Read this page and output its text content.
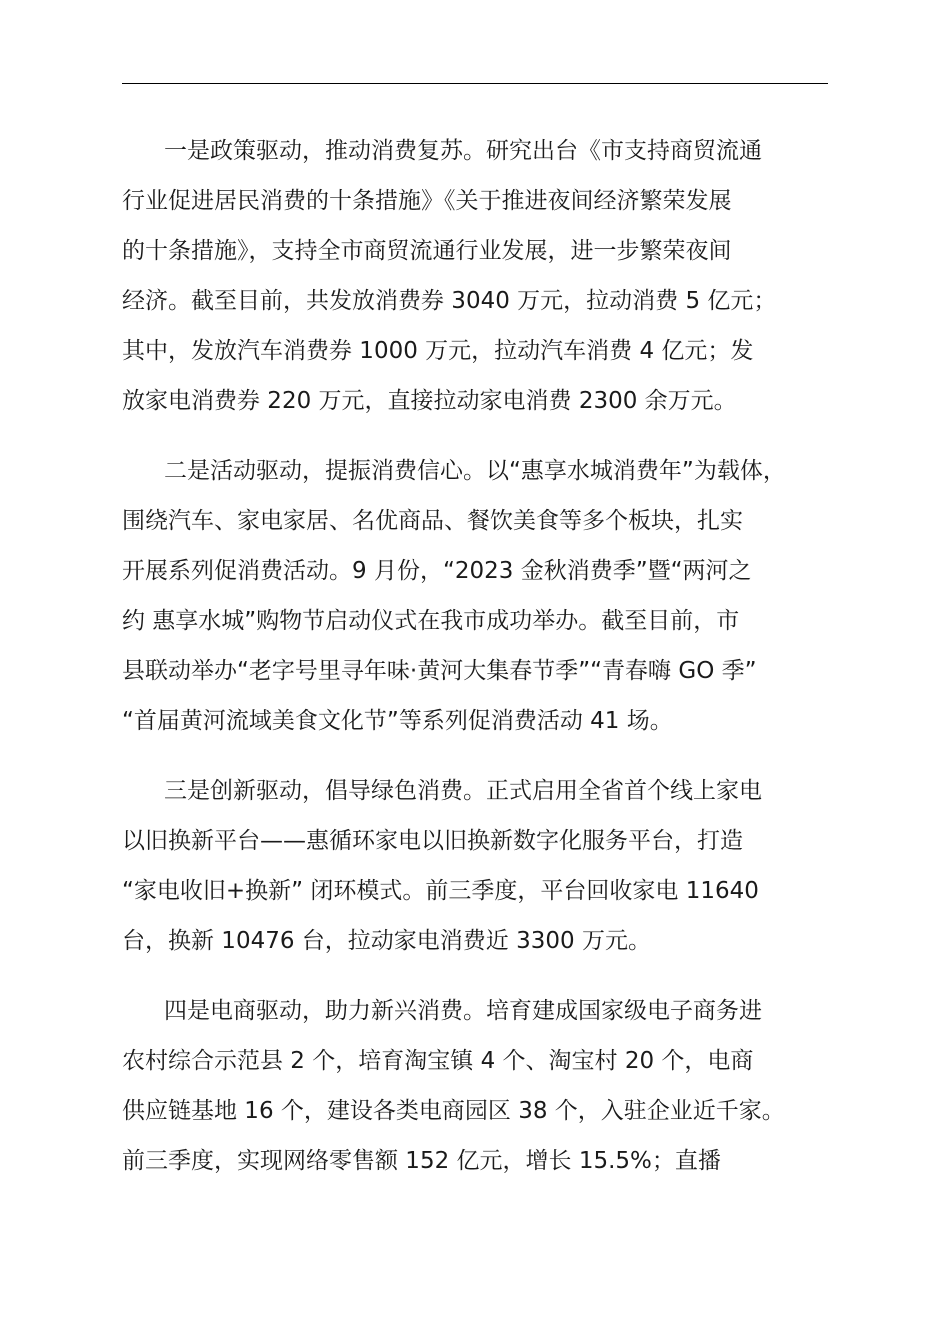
一是政策驱动，推动消费复苏。研究出台《市支持商贸流通
行业促进居民消费的十条措施》《关于推进夜间经济繁荣发展
的十条措施》，支持全市商贸流通行业发展，进一步繁荣夜间
经济。截至目前，共发放消费券 3040 万元，拉动消费 5 亿元；
其中，发放汽车消费券 1000 万元，拉动汽车消费 4 亿元；发
放家电消费券 220 万元，直接拉动家电消费 2300 余万元。

二是活动驱动，提振消费信心。以“惠享水城消费年”为载体，
围绕汽车、家电家居、名优商品、餐饮美食等多个板块，扎实
开展系列促消费活动。9 月份，“2023 金秋消费季”暨“两河之
约 惠享水城”购物节启动仪式在我市成功举办。截至目前，市
县联动举办“老字号里寻年味·黄河大集春节季”“青春嗨 GO 季”
“首届黄河流域美食文化节”等系列促消费活动 41 场。

三是创新驱动，倡导绿色消费。正式启用全省首个线上家电
以旧换新平台——惠循环家电以旧换新数字化服务平台，打造
“家电收旧+换新” 闭环模式。前三季度，平台回收家电 11640
台，换新 10476 台，拉动家电消费近 3300 万元。

四是电商驱动，助力新兴消费。培育建成国家级电子商务进
农村综合示范县 2 个，培育淘宝镇 4 个、淘宝村 20 个，电商
供应链基地 16 个，建设各类电商园区 38 个，入驻企业近千家。
前三季度，实现网络零售额 152 亿元，增长 15.5%；直播
